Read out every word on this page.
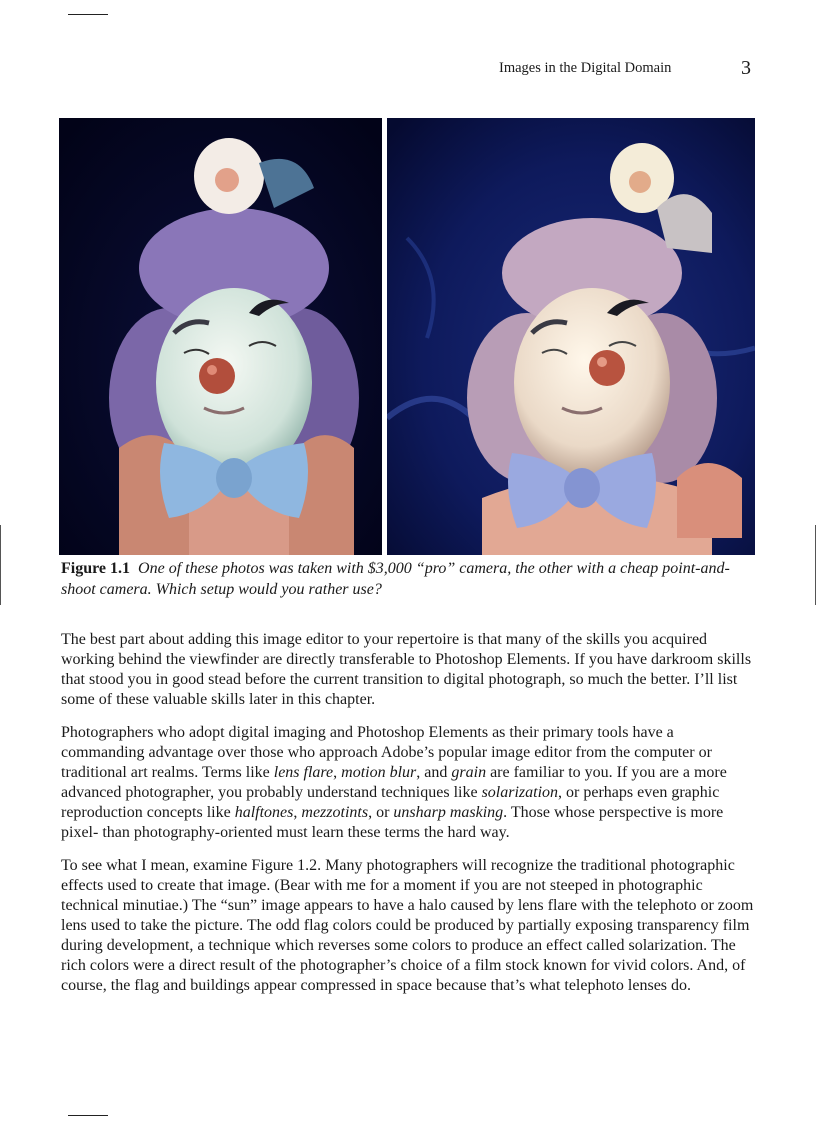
Images in the Digital Domain	3
Figure 1.1 One of these photos was taken with $3,000 “pro” camera, the other with a cheap point-and-shoot camera. Which setup would you rather use?

The best part about adding this image editor to your repertoire is that many of the skills you acquired working behind the viewfinder are directly transferable to Photoshop Elements. If you have darkroom skills that stood you in good stead before the current transition to digital photograph, so much the better. I’ll list some of these valuable skills later in this chapter.

Photographers who adopt digital imaging and Photoshop Elements as their primary tools have a commanding advantage over those who approach Adobe’s popular image editor from the computer or traditional art realms. Terms like lens flare, motion blur, and grain are familiar to you. If you are a more advanced photographer, you probably understand techniques like solarization, or perhaps even graphic reproduction concepts like halftones, mezzotints, or unsharp masking. Those whose perspective is more pixel- than photography-oriented must learn these terms the hard way.

To see what I mean, examine Figure 1.2. Many photographers will recognize the traditional photographic effects used to create that image. (Bear with me for a moment if you are not steeped in photographic technical minutiae.) The “sun” image appears to have a halo caused by lens flare with the telephoto or zoom lens used to take the picture. The odd flag colors could be produced by partially exposing transparency film during development, a technique which reverses some colors to produce an effect called solarization. The rich colors were a direct result of the photographer’s choice of a film stock known for vivid colors. And, of course, the flag and buildings appear compressed in space because that’s what telephoto lenses do.
